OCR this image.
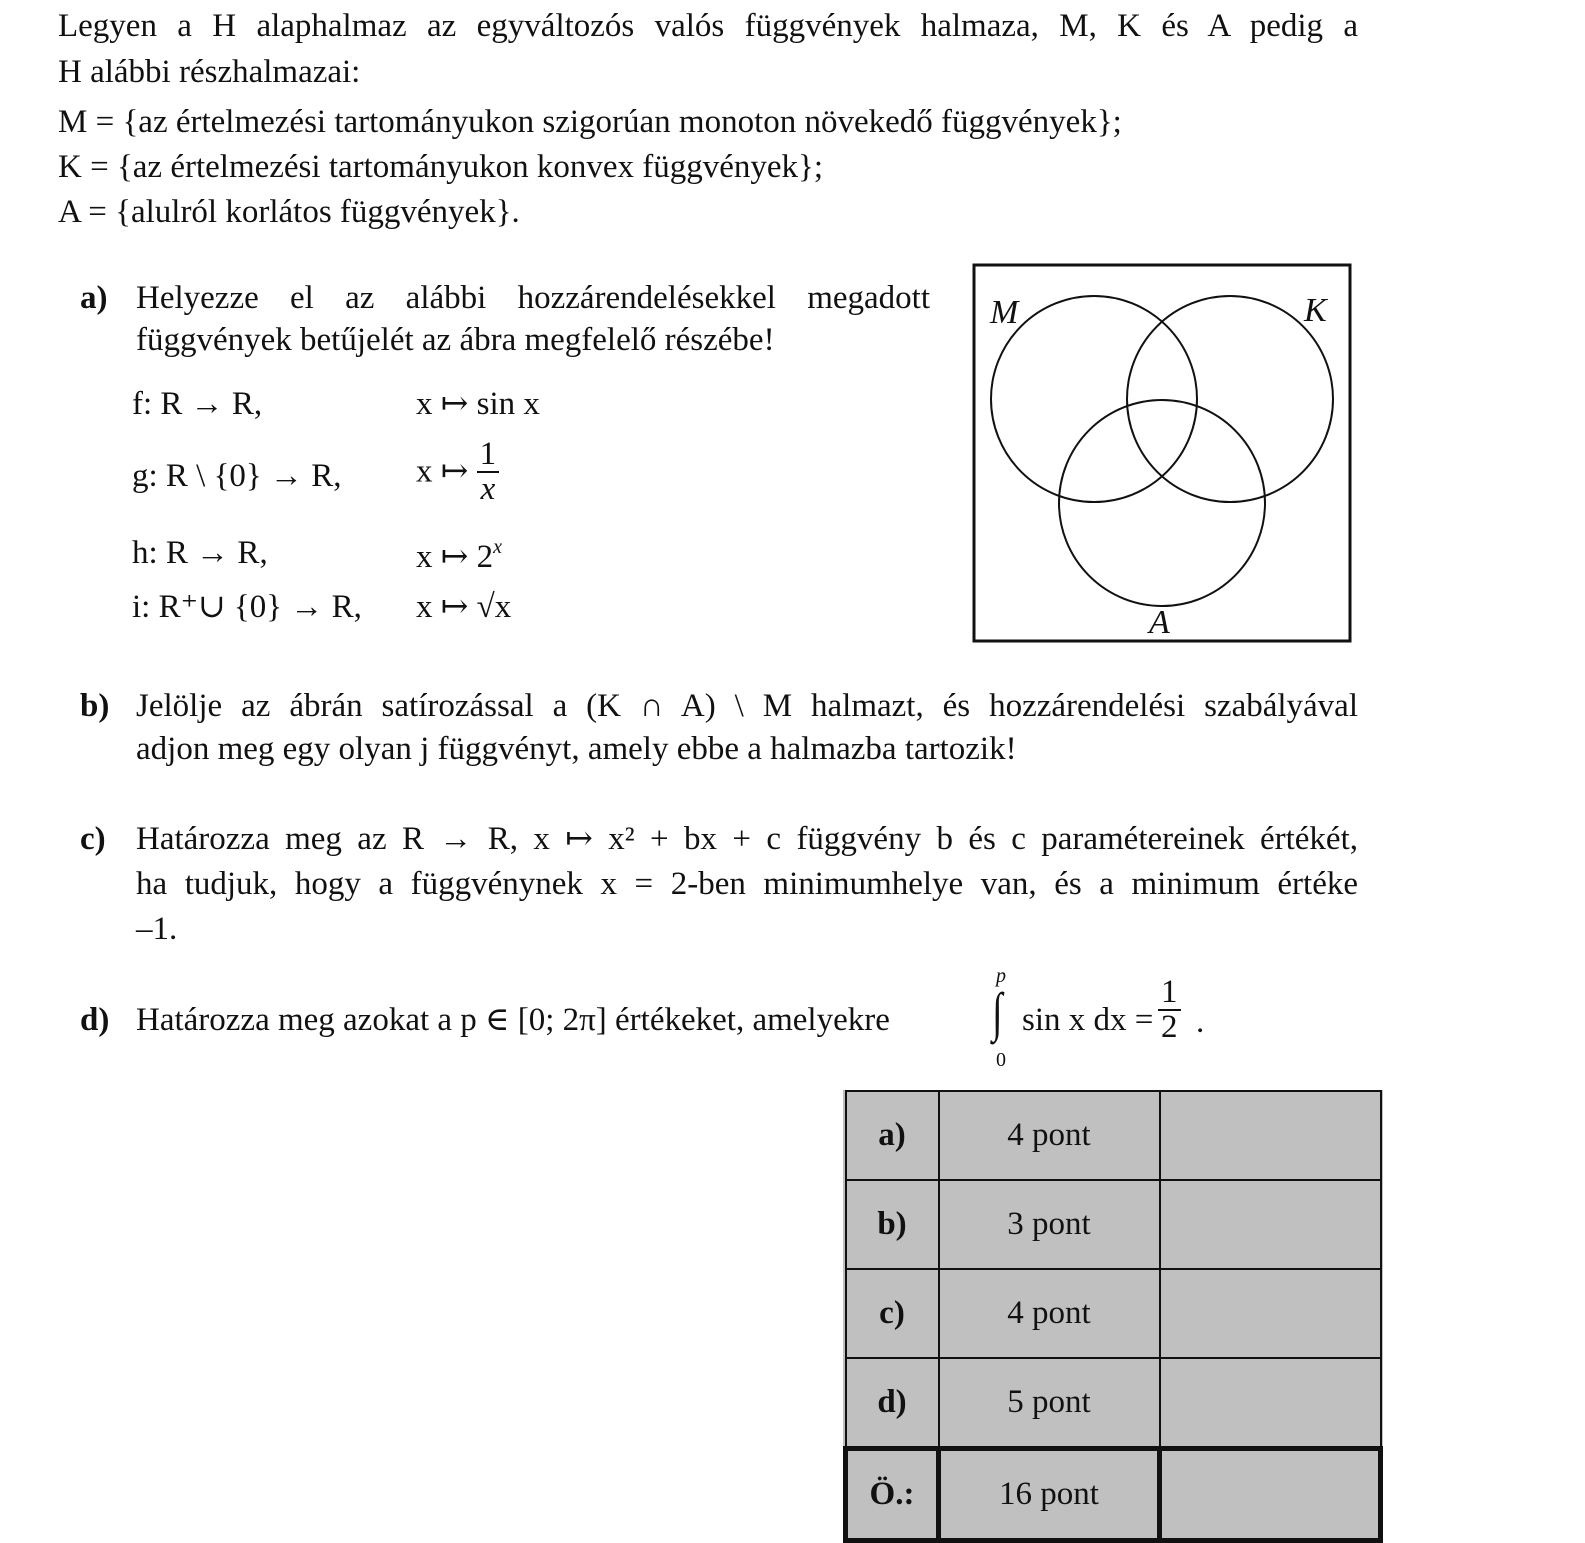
Legyen a H alaphalmaz az egyváltozós valós függvények halmaza, M, K és A pedig a
H alábbi részhalmazai:
M = {az értelmezési tartományukon szigorúan monoton növekedő függvények};
K = {az értelmezési tartományukon konvex függvények};
A = {alulról korlátos függvények}.
a) Helyezze el az alábbi hozzárendelésekkel megadott
függvények betűjelét az ábra megfelelő részébe!
f: R → R,	x ↦ sin x
g: R \ {0} → R, x ↦ $\frac{1}{x}$
h: R → R,	x ↦ 2$^x$
i: R⁺∪ {0} → R, x ↦ √x
M	K
A
b) Jelölje az ábrán satírozással a (K ∩ A) \ M halmazt, és hozzárendelési szabályával
adjon meg egy olyan j függvényt, amely ebbe a halmazba tartozik!
c) Határozza meg az R → R, x ↦ x² + bx + c függvény b és c paramétereinek értékét,
ha tudjuk, hogy a függvénynek x = 2-ben minimumhelye van, és a minimum értéke
–1.
d) Határozza meg azokat a p ∈ [0; 2π] értékeket, amelyekre
p
∫
0
sin x dx = $\frac{1}{2}$ .
a)	4 pont	
b)	3 pont	
c)	4 pont	
d)	5 pont	
Ö.:	16 pont	
